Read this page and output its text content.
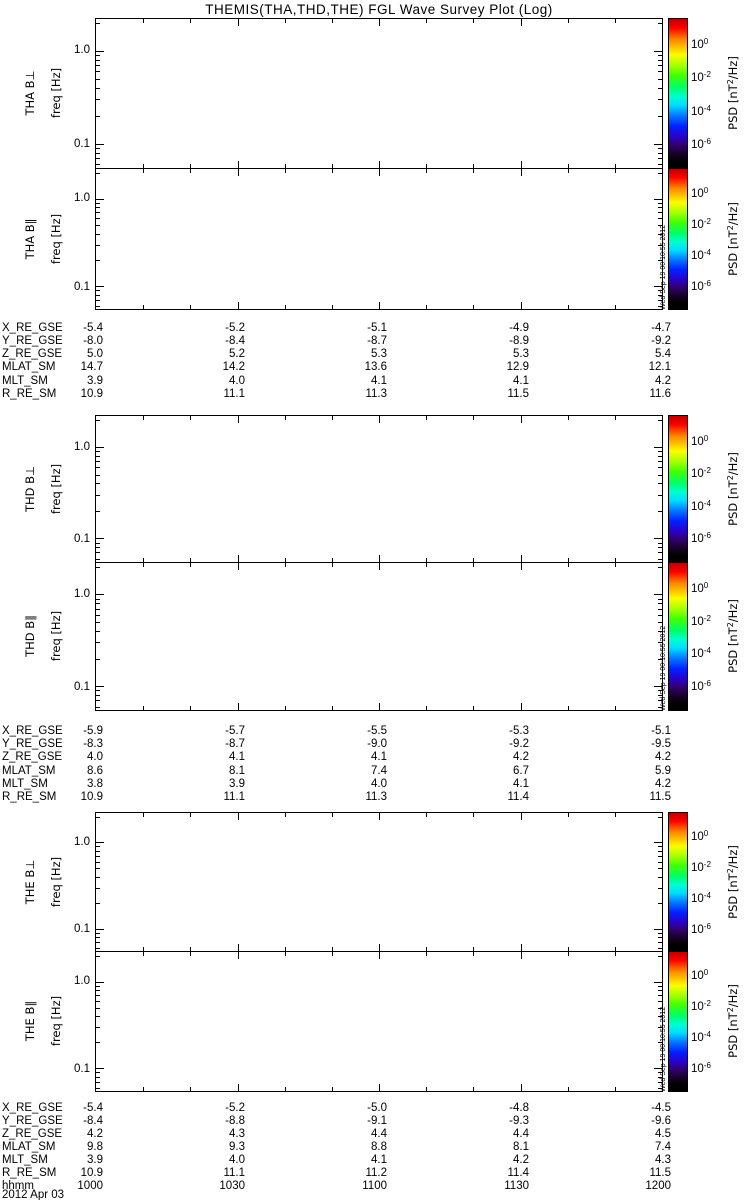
THEMIS(THA,THD,THE) FGL Wave Survey Plot (Log)
THA B⊥ freq [Hz]
THA B∥ freq [Hz]
1.0
0.1
1.0
0.1
$10^0$
$10^{-2}$
$10^{-4}$
$10^{-6}$
$10^0$
$10^{-2}$
$10^{-4}$
$10^{-6}$
PSD $[nT^2/Hz]$
PSD $[nT^2/Hz]$
Wed Sep 19 00:10:55 2012
X_RE_GSE	-5.4	-5.2	-5.1	-4.9	-4.7
Y_RE_GSE	-8.0	-8.4	-8.7	-8.9	-9.2
Z_RE_GSE	5.0	5.2	5.3	5.3	5.4
MLAT_SM	14.7	14.2	13.6	12.9	12.1
MLT_SM	3.9	4.0	4.1	4.1	4.2
R_RE_SM	10.9	11.1	11.3	11.5	11.6
THD B⊥ freq [Hz]
THD B∥ freq [Hz]
1.0
0.1
1.0
0.1
$10^0$
$10^{-2}$
$10^{-4}$
$10^{-6}$
$10^0$
$10^{-2}$
$10^{-4}$
$10^{-6}$
PSD $[nT^2/Hz]$
PSD $[nT^2/Hz]$
Wed Sep 19 00:10:55 2012
X_RE_GSE	-5.9	-5.7	-5.5	-5.3	-5.1
Y_RE_GSE	-8.3	-8.7	-9.0	-9.2	-9.5
Z_RE_GSE	4.0	4.1	4.1	4.2	4.2
MLAT_SM	8.6	8.1	7.4	6.7	5.9
MLT_SM	3.8	3.9	4.0	4.1	4.2
R_RE_SM	10.9	11.1	11.3	11.4	11.5
THE B⊥ freq [Hz]
THE B∥ freq [Hz]
1.0
0.1
1.0
0.1
$10^0$
$10^{-2}$
$10^{-4}$
$10^{-6}$
$10^0$
$10^{-2}$
$10^{-4}$
$10^{-6}$
PSD $[nT^2/Hz]$
PSD $[nT^2/Hz]$
Wed Sep 19 00:10:55 2012
X_RE_GSE	-5.4	-5.2	-5.0	-4.8	-4.5
Y_RE_GSE	-8.4	-8.8	-9.1	-9.3	-9.6
Z_RE_GSE	4.2	4.3	4.4	4.4	4.5
MLAT_SM	9.8	9.3	8.8	8.1	7.4
MLT_SM	3.9	4.0	4.1	4.2	4.3
R_RE_SM	10.9	11.1	11.2	11.4	11.5
hhmm	1000	1030	1100	1130	1200
2012 Apr 03
